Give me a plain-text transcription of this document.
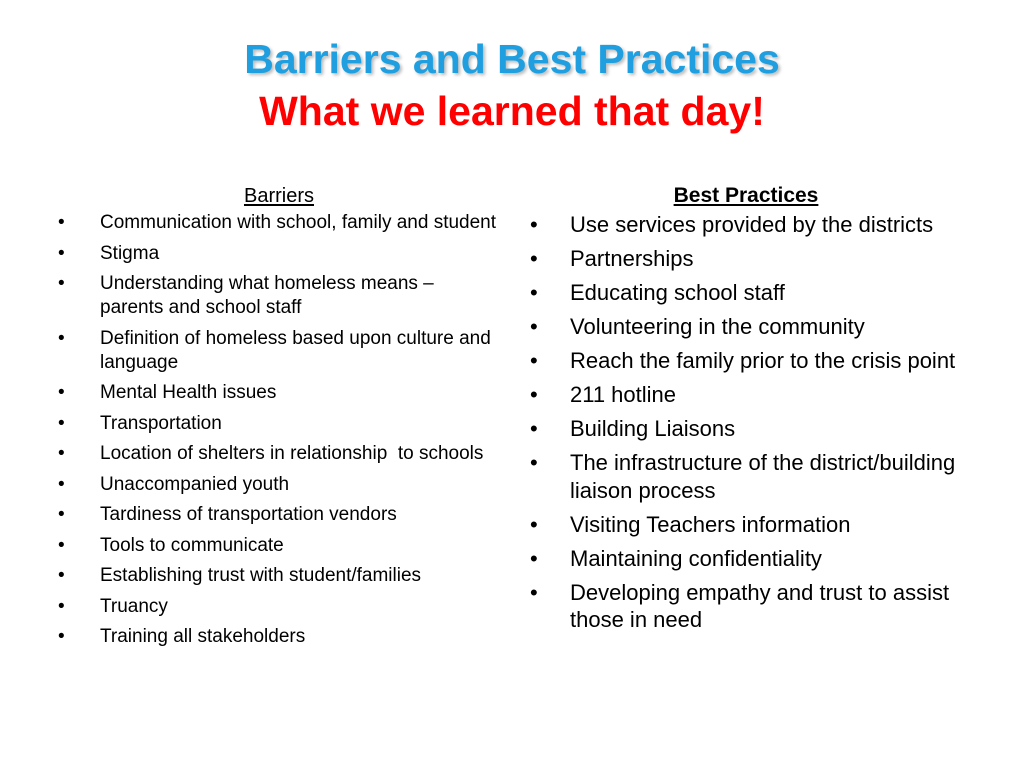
Barriers and Best Practices
What we learned that day!
Barriers
• Communication with school, family and student
• Stigma
• Understanding what homeless means – parents and school staff
• Definition of homeless based upon culture and language
• Mental Health issues
• Transportation
• Location of shelters in relationship  to schools
• Unaccompanied youth
• Tardiness of transportation vendors
• Tools to communicate
• Establishing trust with student/families
• Truancy
• Training all stakeholders
Best Practices
• Use services provided by the districts
• Partnerships
• Educating school staff
• Volunteering in the community
• Reach the family prior to the crisis point
• 211 hotline
• Building Liaisons
• The infrastructure of the district/building liaison process
• Visiting Teachers information
• Maintaining confidentiality
• Developing empathy and trust to assist those in need
